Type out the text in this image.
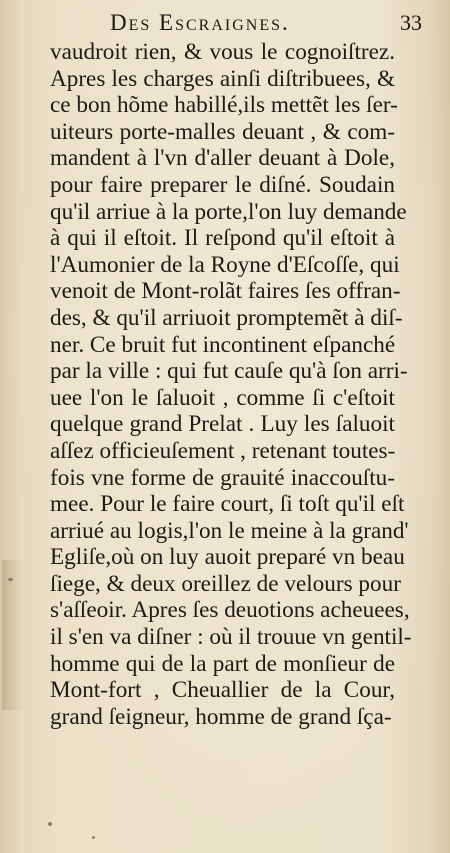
Des Escraignes.	33
vaudroit rien, & vous le cognoiſtrez.
Apres les charges ainſi diſtribuees, &
ce bon hõme habillé,ils mettẽt les ſer-
uiteurs porte-malles deuant , & com-
mandent à l'vn d'aller deuant à Dole,
pour faire preparer le diſné. Soudain
qu'il arriue à la porte,l'on luy demande
à qui il eſtoit. Il reſpond qu'il eſtoit à
l'Aumonier de la Royne d'Eſcoſſe, qui
venoit de Mont-rolãt faires ſes offran-
des, & qu'il arriuoit promptemẽt à diſ-
ner. Ce bruit fut incontinent eſpanché
par la ville : qui fut cauſe qu'à ſon arri-
uee l'on le ſaluoit , comme ſi c'eſtoit
quelque grand Prelat . Luy les ſaluoit
aſſez officieuſement , retenant toutes-
fois vne forme de grauité inaccouſtu-
mee. Pour le faire court, ſi toſt qu'il eſt
arriué au logis,l'on le meine à la grand'
Egliſe,où on luy auoit preparé vn beau
ſiege, & deux oreillez de velours pour
s'aſſeoir. Apres ſes deuotions acheuees,
il s'en va diſner : où il trouue vn gentil-
homme qui de la part de monſieur de
Mont-fort , Cheuallier de la Cour,
grand ſeigneur, homme de grand ſça-
